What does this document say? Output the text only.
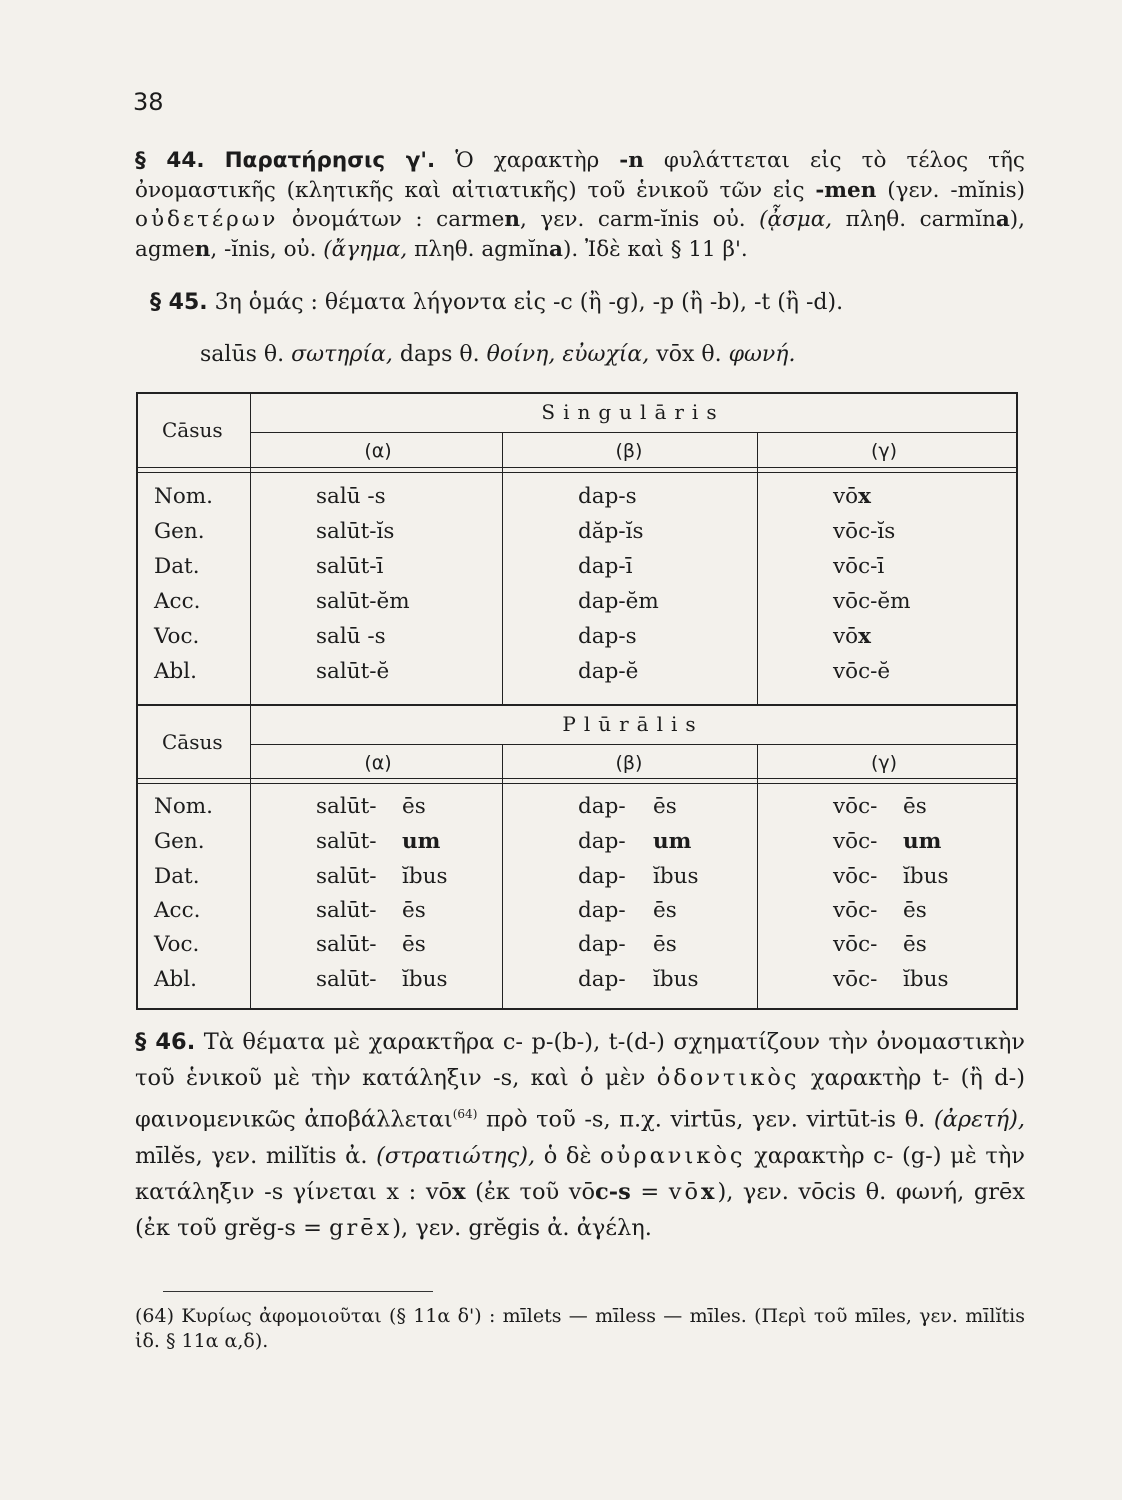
38

§ 44. Παρατήρησις γ'. Ὁ χαρακτὴρ -n φυλάττεται εἰς τὸ τέλος τῆς ὀνομαστικῆς (κλητικῆς καὶ αἰτιατικῆς) τοῦ ἑνικοῦ τῶν εἰς -men (γεν. -mĭnis) οὐδετέρων ὀνομάτων : carmen, γεν. carm-ĭnis οὐ. (ᾆσμα, πληθ. carmĭna), agmen, -ĭnis, οὐ. (ἄγημα, πληθ. agmĭna). Ἰδὲ καὶ § 11 β'.

§ 45. 3η ὁμάς : θέματα λήγοντα εἰς -c (ἢ -g), -p (ἢ -b), -t (ἢ -d).

salūs θ. σωτηρία, daps θ. θοίνη, εὐωχία, vōx θ. φωνή.
Cāsus
Singulāris
(α)	(β)	(γ)
Nom.	salū -s	dap-s	vōx
Gen.	salūt-ĭs	dăp-ĭs	vōc-ĭs
Dat.	salūt-ī	dap-ī	vōc-ī
Acc.	salūt-ĕm	dap-ĕm	vōc-ĕm
Voc.	salū -s	dap-s	vōx
Abl.	salūt-ĕ	dap-ĕ	vōc-ĕ
Cāsus
Plūrālis
(α)	(β)	(γ)
Nom.	salūt- ēs	dap- ēs	vōc- ēs
Gen.	salūt- um	dap- um	vōc- um
Dat.	salūt- ĭbus	dap- ĭbus	vōc- ĭbus
Acc.	salūt- ēs	dap- ēs	vōc- ēs
Voc.	salūt- ēs	dap- ēs	vōc- ēs
Abl.	salūt- ĭbus	dap- ĭbus	vōc- ĭbus

§ 46. Τὰ θέματα μὲ χαρακτῆρα c- p-(b-), t-(d-) σχηματίζουν τὴν ὀνομαστικὴν τοῦ ἑνικοῦ μὲ τὴν κατάληξιν -s, καὶ ὁ μὲν ὀδοντικὸς χαρακτὴρ t- (ἢ d-) φαινομενικῶς ἀποβάλλεται$^{(64)}$ πρὸ τοῦ -s, π.χ. virtūs, γεν. virtūt-is θ. (ἀρετή), mīlĕs, γεν. milĭtis ἀ. (στρατιώτης), ὁ δὲ οὐρανικὸς χαρακτὴρ c- (g-) μὲ τὴν κατάληξιν -s γίνεται x : vōx (ἐκ τοῦ vōc-s = vōx), γεν. vōcis θ. φωνή, grēx (ἐκ τοῦ grĕg-s = grēx), γεν. grĕgis ἀ. ἀγέλη.

(64) Κυρίως ἀφομοιοῦται (§ 11α δ') : mīlets — mīless — mīles. (Περὶ τοῦ mīles, γεν. mīlĭtis ἰδ. § 11α α,δ).
